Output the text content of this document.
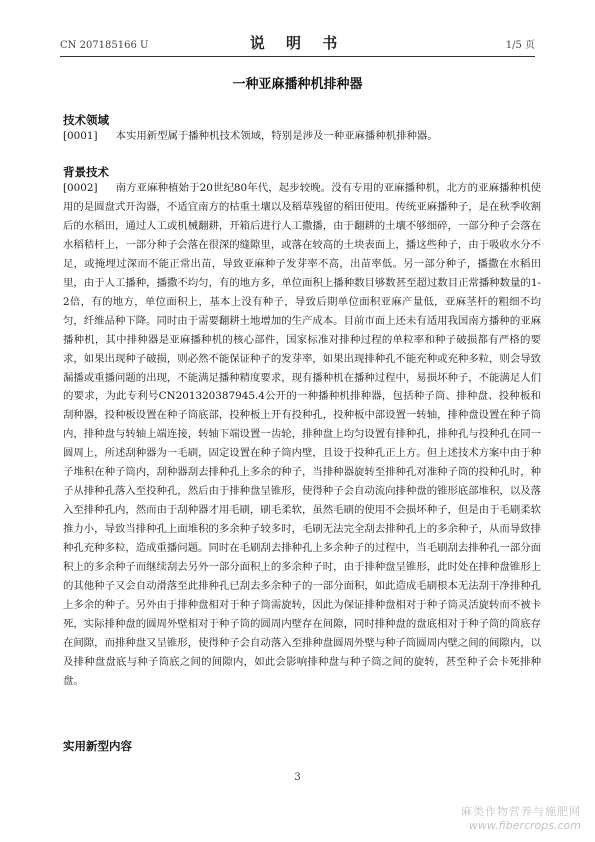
CN 207185166 U	说 明 书	1/5 页
一种亚麻播种机排种器
技术领域
[0001] 本实用新型属于播种机技术领域，特别是涉及一种亚麻播种机排种器。
背景技术
[0002] 南方亚麻种植始于20世纪80年代，起步较晚。没有专用的亚麻播种机，北方的亚麻播种机使用的是圆盘式开沟器，不适宜南方的枯重土壤以及稻草残留的稻田使用。传统亚麻播种子，是在秋季收割后的水稻田，通过人工或机械翻耕，开箱后进行人工撒播，由于翻耕的土壤不够细碎，一部分种子会落在水稻秸杆上，一部分种子会落在很深的缝隙里，或落在较高的土块表面上，播这些种子，由于吸收水分不足，或掩埋过深而不能正常出苗，导致亚麻种子发芽率不高，出苗率低。另一部分种子，播撒在水稻田里，由于人工播种，播撒不均匀，有的地方多，单位面积上播种数目够数甚至超过数目正常播种数量的1-2倍，有的地方，单位面积上，基本上没有种子，导致后期单位面积亚麻产量低，亚麻茎杆的粗细不均匀，纤维品种下降。同时由于需要翻耕土地增加的生产成本。目前市面上还未有适用我国南方播种的亚麻播种机，其中排种器是亚麻播种机的核心部件，国家标准对排种过程的单粒率和种子破损都有严格的要求，如果出现种子破损，则必然不能保证种子的发芽率，如果出现排种孔不能充种或充种多粒，则会导致漏播或重播问题的出现，不能满足播种精度要求，现有播种机在播种过程中，易损坏种子，不能满足人们的要求，为此专利号CN201320387945.4公开的一种播种机排种器，包括种子筒、排种盘、投种板和刮种器，投种板设置在种子筒底部，投种板上开有投种孔，投种板中部设置一转轴，排种盘设置在种子筒内，排种盘与转轴上端连接，转轴下端设置一齿轮，排种盘上均匀设置有排种孔，排种孔与投种孔在同一圆周上，所述刮种器为一毛刷，固定设置在种子筒内壁，且设于投种孔正上方。但上述技术方案中由于种子堆积在种子筒内，刮种器刮去排种孔上多余的种子，当排种器旋转至排种孔对准种子筒的投种孔时，种子从排种孔落入至投种孔，然后由于排种盘呈锥形，使得种子会自动流向排种盘的锥形底部堆积，以及落入至排种孔内，然而由于刮种器才用毛刷，刷毛柔软，虽然毛刷的使用不会损坏种子，但是由于毛刷柔软推力小，导致当排种孔上面堆积的多余种子较多时，毛刷无法完全刮去排种孔上的多余种子，从而导致排种孔充种多粒，造成重播问题。同时在毛刷刮去排种孔上多余种子的过程中，当毛刷刮去排种孔一部分面积上的多余种子而继续刮去另外一部分面积上的多余种子时，由于排种盘呈锥形，此时处在排种盘锥形上的其他种子又会自动滑落至此排种孔已刮去多余种子的一部分面积，如此造成毛刷根本无法刮干净排种孔上多余的种子。另外由于排种盘相对于种子筒需旋转，因此为保证排种盘相对于种子筒灵活旋转而不被卡死，实际排种盘的圆周外壁相对于种子筒的圆周内壁存在间隙，同时排种盘的盘底相对于种子筒的筒底存在间隙，而排种盘又呈锥形，使得种子会自动落入至排种盘圆周外壁与种子筒圆周内壁之间的间隙内，以及排种盘盘底与种子筒底之间的间隙内，如此会影响排种盘与种子筒之间的旋转，甚至种子会卡死排种盘。
实用新型内容
3
麻类作物营养与施肥网
www.fibercrops.com
